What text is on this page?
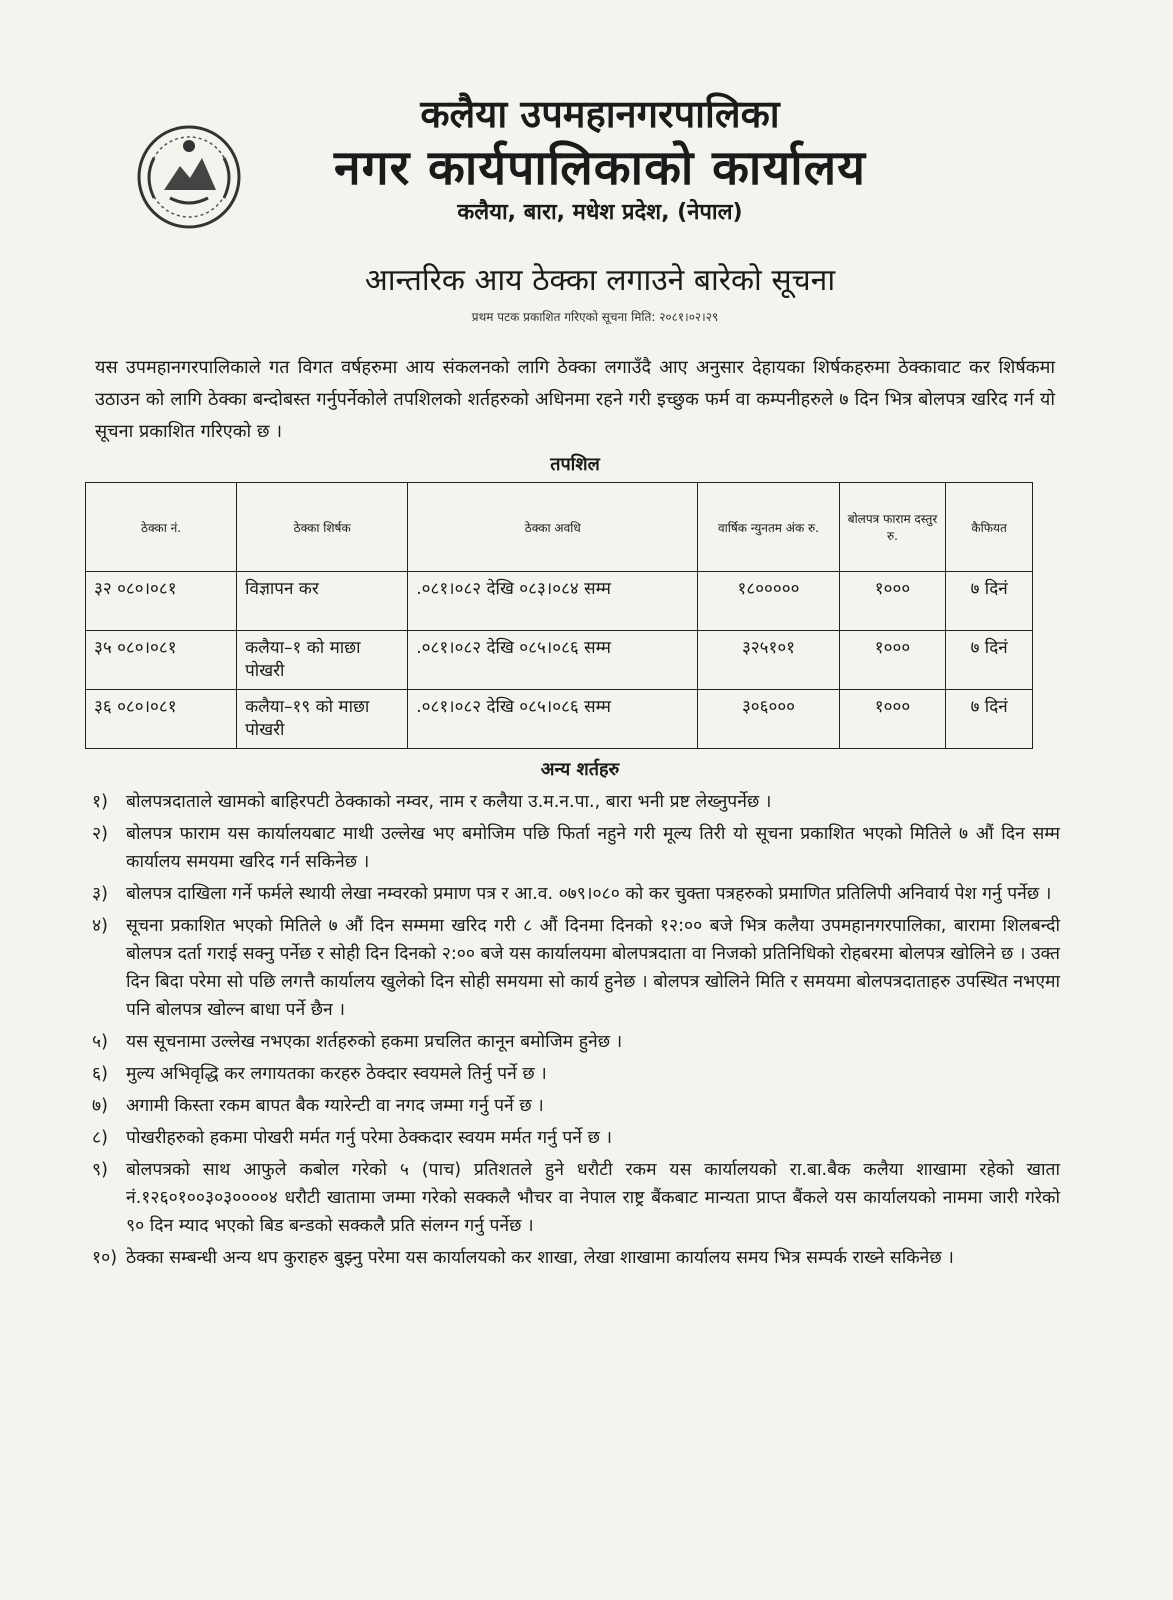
कलैया उपमहानगरपालिका
नगर कार्यपालिकाको कार्यालय
कलैया, बारा, मधेश प्रदेश, (नेपाल)
आन्तरिक आय ठेक्का लगाउने बारेको सूचना
प्रथम पटक प्रकाशित गरिएको सूचना मिति: २०८१।०२।२९
यस उपमहानगरपालिकाले गत विगत वर्षहरुमा आय संकलनको लागि ठेक्का लगाउँदै आए अनुसार देहायका शिर्षकहरुमा ठेक्कावाट कर शिर्षकमा उठाउन को लागि ठेक्का बन्दोबस्त गर्नुपर्नेकोले तपशिलको शर्तहरुको अधिनमा रहने गरी इच्छुक फर्म वा कम्पनीहरुले ७ दिन भित्र बोलपत्र खरिद गर्न यो सूचना प्रकाशित गरिएको छ ।
तपशिल
ठेक्का नं.	ठेक्का शिर्षक	ठेक्का अवधि	वार्षिक न्युनतम अंक रु.	बोलपत्र फाराम दस्तुर रु.	कैफियत
३२ ०८०।०८१	विज्ञापन कर	.०८१।०८२ देखि ०८३।०८४ सम्म	१८०००००	१०००	७ दिनं
३५ ०८०।०८१	कलैया–१ को माछा पोखरी	.०८१।०८२ देखि ०८५।०८६ सम्म	३२५१०१	१०००	७ दिनं
३६ ०८०।०८१	कलैया–१९ को माछा पोखरी	.०८१।०८२ देखि ०८५।०८६ सम्म	३०६०००	१०००	७ दिनं
अन्य शर्तहरु
१)	बोलपत्रदाताले खामको बाहिरपटी ठेक्काको नम्वर, नाम र कलैया उ.म.न.पा., बारा भनी प्रष्ट लेख्नुपर्नेछ ।
२)	बोलपत्र फाराम यस कार्यालयबाट माथी उल्लेख भए बमोजिम पछि फिर्ता नहुने गरी मूल्य तिरी यो सूचना प्रकाशित भएको मितिले ७ औं दिन सम्म कार्यालय समयमा खरिद गर्न सकिनेछ ।
३)	बोलपत्र दाखिला गर्ने फर्मले स्थायी लेखा नम्वरको प्रमाण पत्र र आ.व. ०७९।०८० को कर चुक्ता पत्रहरुको प्रमाणित प्रतिलिपी अनिवार्य पेश गर्नु पर्नेछ ।
४)	सूचना प्रकाशित भएको मितिले ७ औं दिन सम्ममा खरिद गरी ८ औं दिनमा दिनको १२:०० बजे भित्र कलैया उपमहानगरपालिका, बारामा शिलबन्दी बोलपत्र दर्ता गराई सक्नु पर्नेछ र सोही दिन दिनको २:०० बजे यस कार्यालयमा बोलपत्रदाता वा निजको प्रतिनिधिको रोहबरमा बोलपत्र खोलिने छ । उक्त दिन बिदा परेमा सो पछि लगत्तै कार्यालय खुलेको दिन सोही समयमा सो कार्य हुनेछ । बोलपत्र खोलिने मिति र समयमा बोलपत्रदाताहरु उपस्थित नभएमा पनि बोलपत्र खोल्न बाधा पर्ने छैन ।
५)	यस सूचनामा उल्लेख नभएका शर्तहरुको हकमा प्रचलित कानून बमोजिम हुनेछ ।
६)	मुल्य अभिवृद्धि कर लगायतका करहरु ठेक्दार स्वयमले तिर्नु पर्ने छ ।
७)	अगामी किस्ता रकम बापत बैक ग्यारेन्टी वा नगद जम्मा गर्नु पर्ने छ ।
८)	पोखरीहरुको हकमा पोखरी मर्मत गर्नु परेमा ठेक्कदार स्वयम मर्मत गर्नु पर्ने छ ।
९)	बोलपत्रको साथ आफुले कबोल गरेको ५ (पाच) प्रतिशतले हुने धरौटी रकम यस कार्यालयको रा.बा.बैक कलैया शाखामा रहेको खाता नं.१२६०१००३०३००००४ धरौटी खातामा जम्मा गरेको सक्कलै भौचर वा नेपाल राष्ट्र बैंकबाट मान्यता प्राप्त बैंकले यस कार्यालयको नाममा जारी गरेको ९० दिन म्याद भएको बिड बन्डको सक्कलै प्रति संलग्न गर्नु पर्नेछ ।
१०) ठेक्का सम्बन्धी अन्य थप कुराहरु बुझ्नु परेमा यस कार्यालयको कर शाखा, लेखा शाखामा कार्यालय समय भित्र सम्पर्क राख्ने सकिनेछ ।
